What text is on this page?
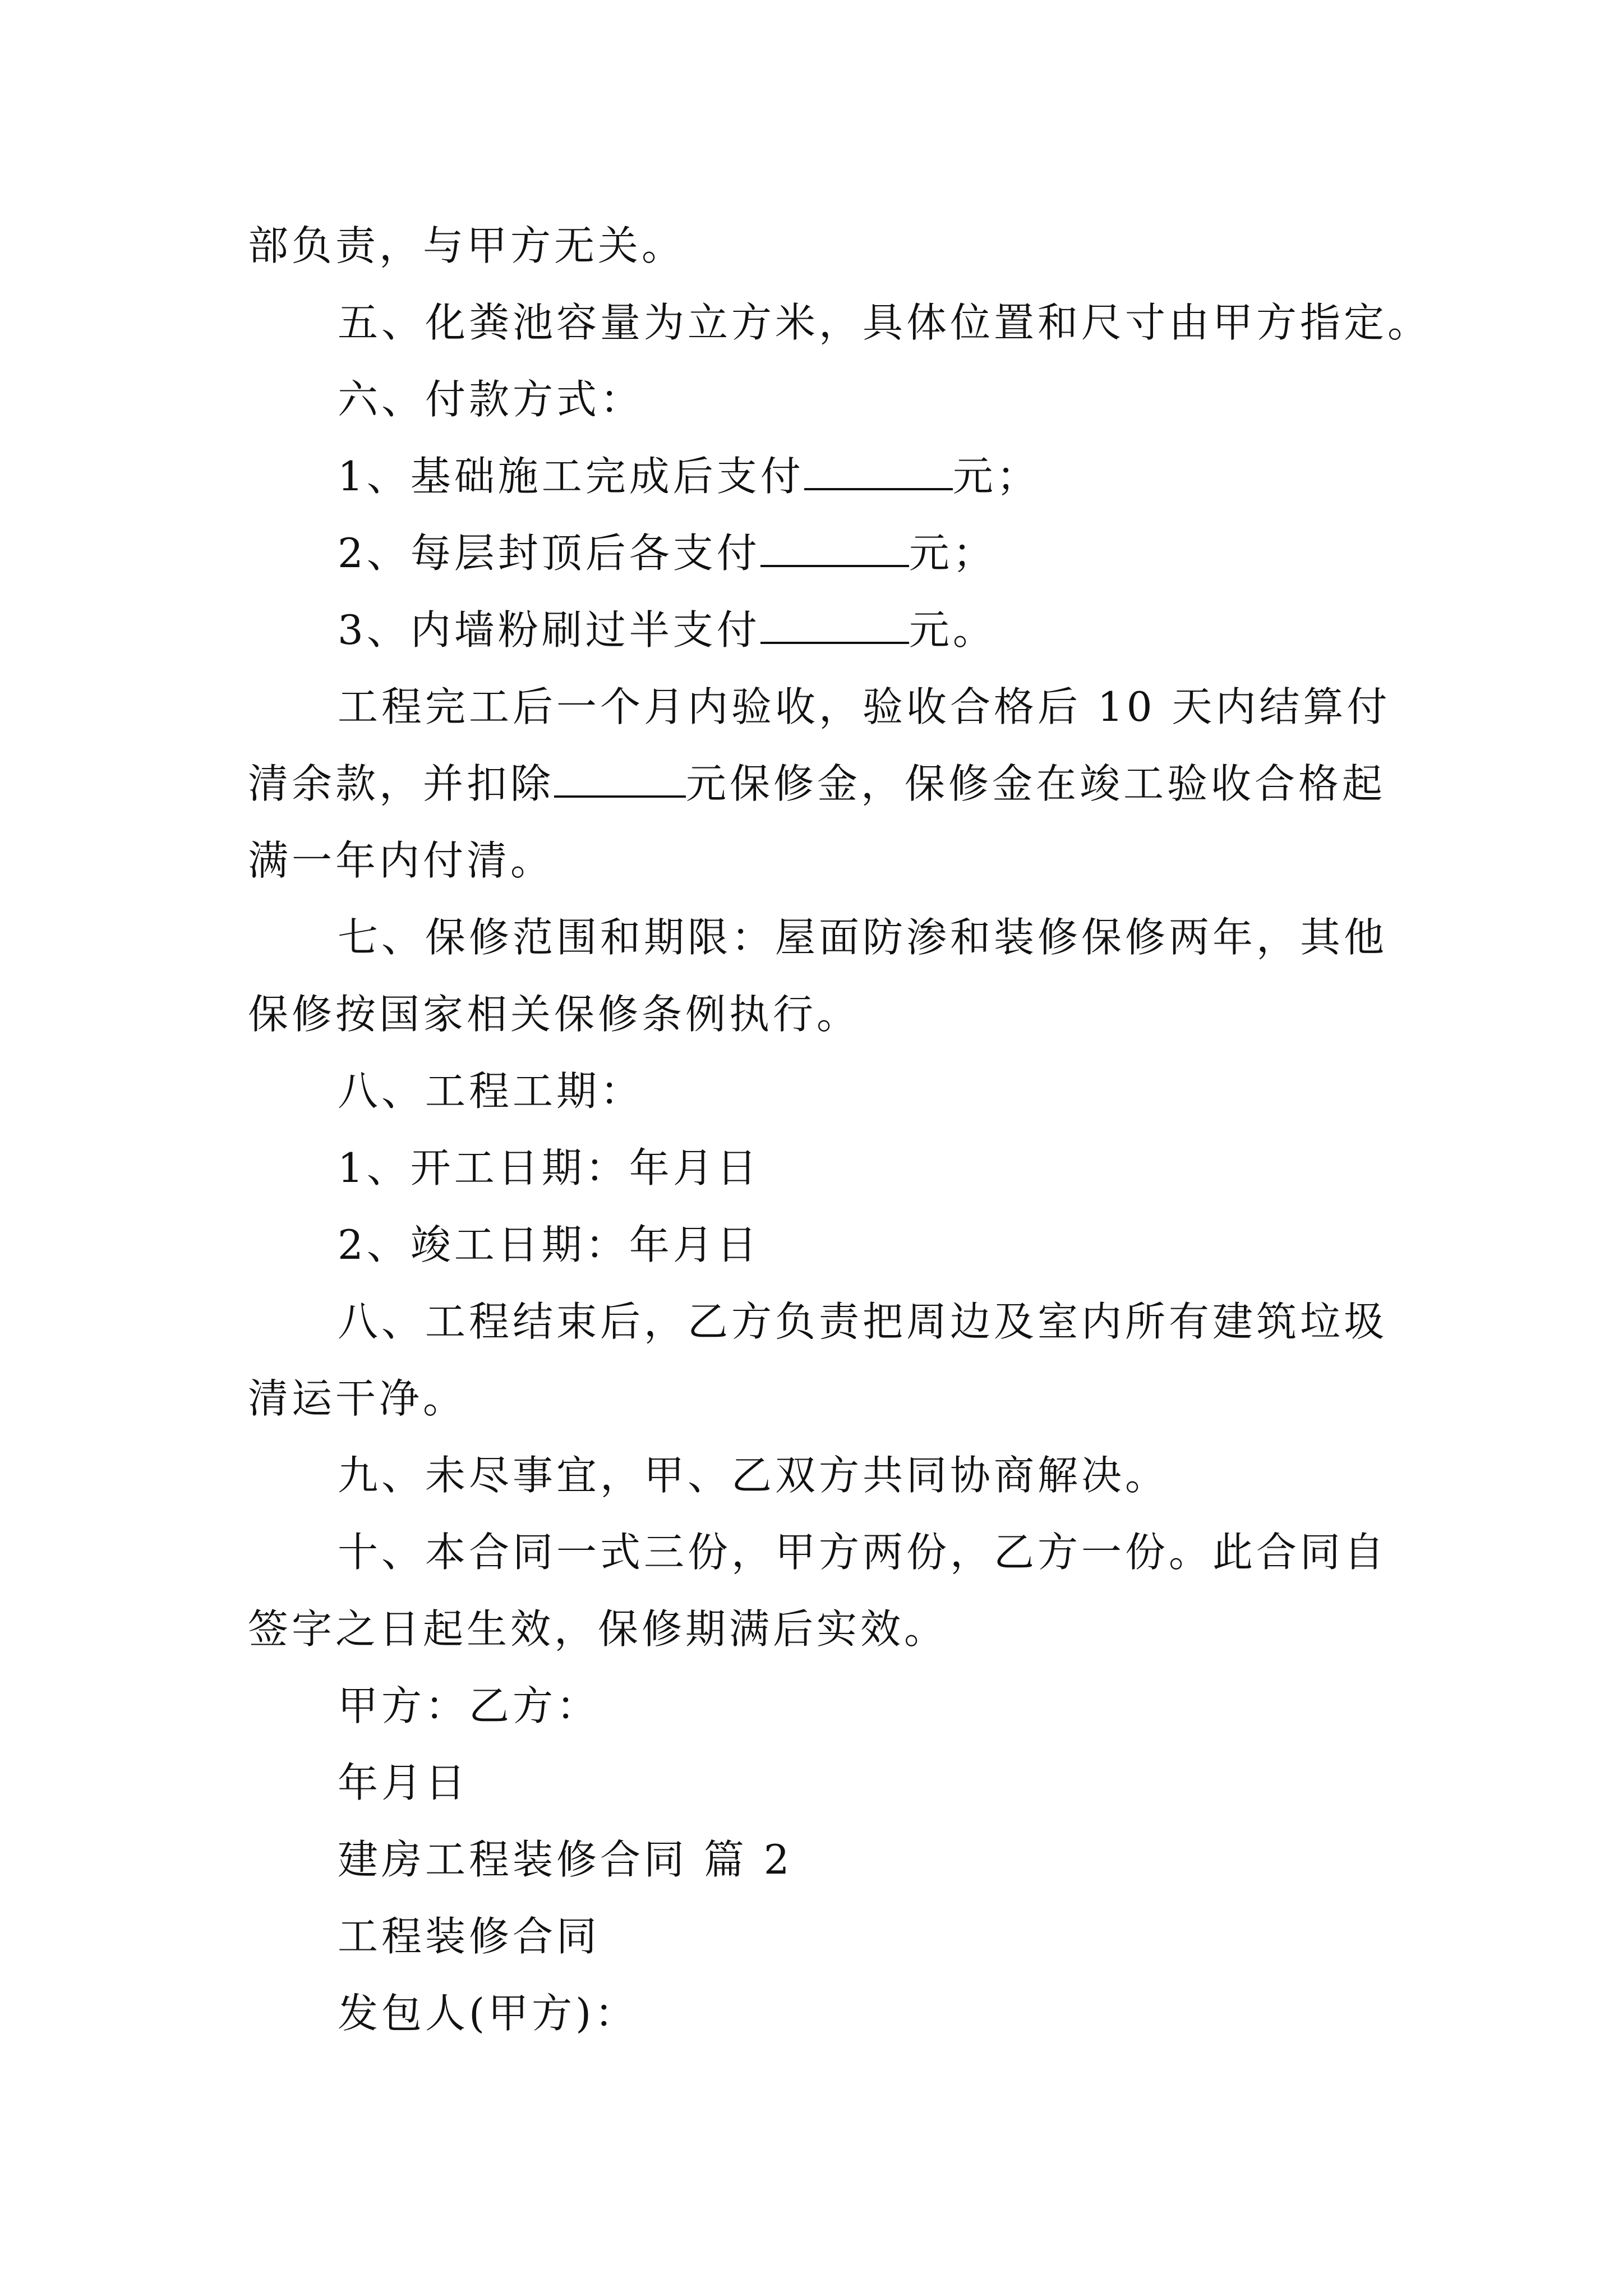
部负责，与甲方无关。
五、化粪池容量为立方米，具体位置和尺寸由甲方指定。
六、付款方式：
1、基础施工完成后支付	元；
2、每层封顶后各支付	元；
3、内墙粉刷过半支付	元。
工程完工后一个月内验收，验收合格后 10 天内结算付
清余款，并扣除	元保修金，保修金在竣工验收合格起
满一年内付清。
七、保修范围和期限：屋面防渗和装修保修两年，其他
保修按国家相关保修条例执行。
八、工程工期：
1、开工日期：年月日
2、竣工日期：年月日
八、工程结束后，乙方负责把周边及室内所有建筑垃圾
清运干净。
九、未尽事宜，甲、乙双方共同协商解决。
十、本合同一式三份，甲方两份，乙方一份。此合同自
签字之日起生效，保修期满后实效。
甲方：乙方：
年月日
建房工程装修合同 篇 2
工程装修合同
发包人(甲方)：
